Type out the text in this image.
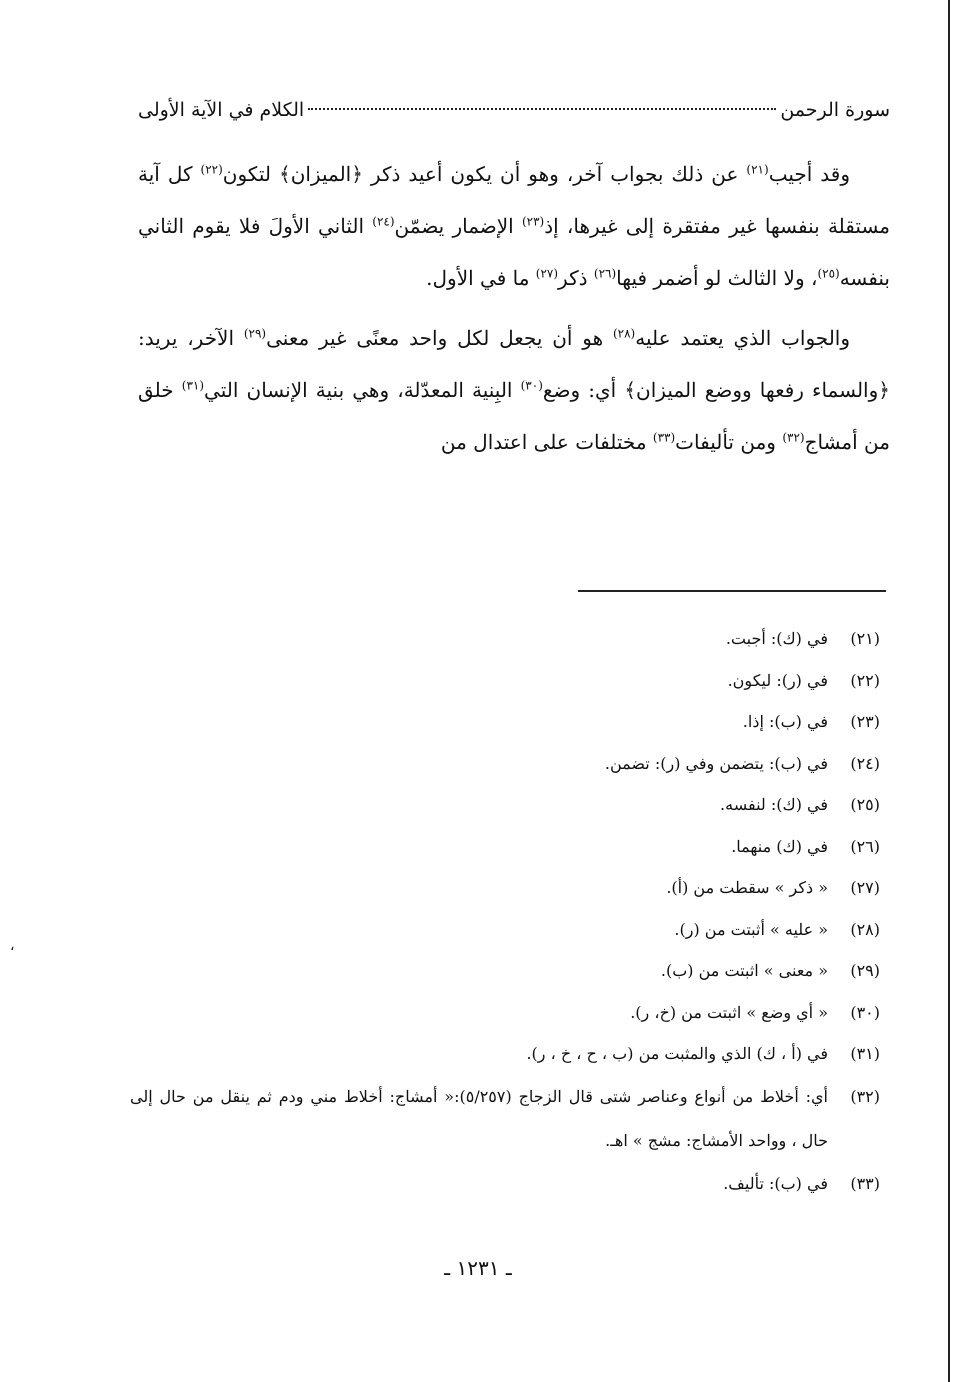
سورة الرحمن
الكلام في الآية الأولى

وقد أجيب$^{(٢١)}$ عن ذلك بجواب آخر، وهو أن يكون أعيد ذكر ﴿الميزان﴾ لتكون$^{(٢٢)}$ كل آية مستقلة بنفسها غير مفتقرة إلى غيرها، إذ$^{(٢٣)}$ الإضمار يضمّن$^{(٢٤)}$ الثاني الأولَ فلا يقوم الثاني بنفسه$^{(٢٥)}$، ولا الثالث لو أضمر فيها$^{(٢٦)}$ ذكر$^{(٢٧)}$ ما في الأول.

والجواب الذي يعتمد عليه$^{(٢٨)}$ هو أن يجعل لكل واحد معنًى غير معنى$^{(٢٩)}$ الآخر، يريد: ﴿والسماء رفعها ووضع الميزان﴾ أي: وضع$^{(٣٠)}$ البِنية المعدّلة، وهي بنية الإنسان التي$^{(٣١)}$ خلق من أمشاج$^{(٣٢)}$ ومن تأليفات$^{(٣٣)}$ مختلفات على اعتدال من

(٢١)
في (ك): أجبت.
(٢٢)
في (ر): ليكون.
(٢٣)
في (ب): إذا.
(٢٤)
في (ب): يتضمن وفي (ر): تضمن.
(٢٥)
في (ك): لنفسه.
(٢٦)
في (ك) منهما.
(٢٧)
« ذكر » سقطت من (أ).
(٢٨)
« عليه » أثبتت من (ر).
(٢٩)
« معنى » اثبتت من (ب).
(٣٠)
« أي وضع » اثبتت من (خ، ر).
(٣١)
في (أ ، ك) الذي والمثبت من (ب ، ح ، خ ، ر).
(٣٢)
أي: أخلاط من أنواع وعناصر شتى قال الزجاج (٥/٢٥٧):« أمشاج: أخلاط مني ودم ثم ينقل من حال إلى حال ، وواحد الأمشاج: مشج » اهـ.
(٣٣)
في (ب): تأليف.
ـ ١٢٣١ ـ
،
